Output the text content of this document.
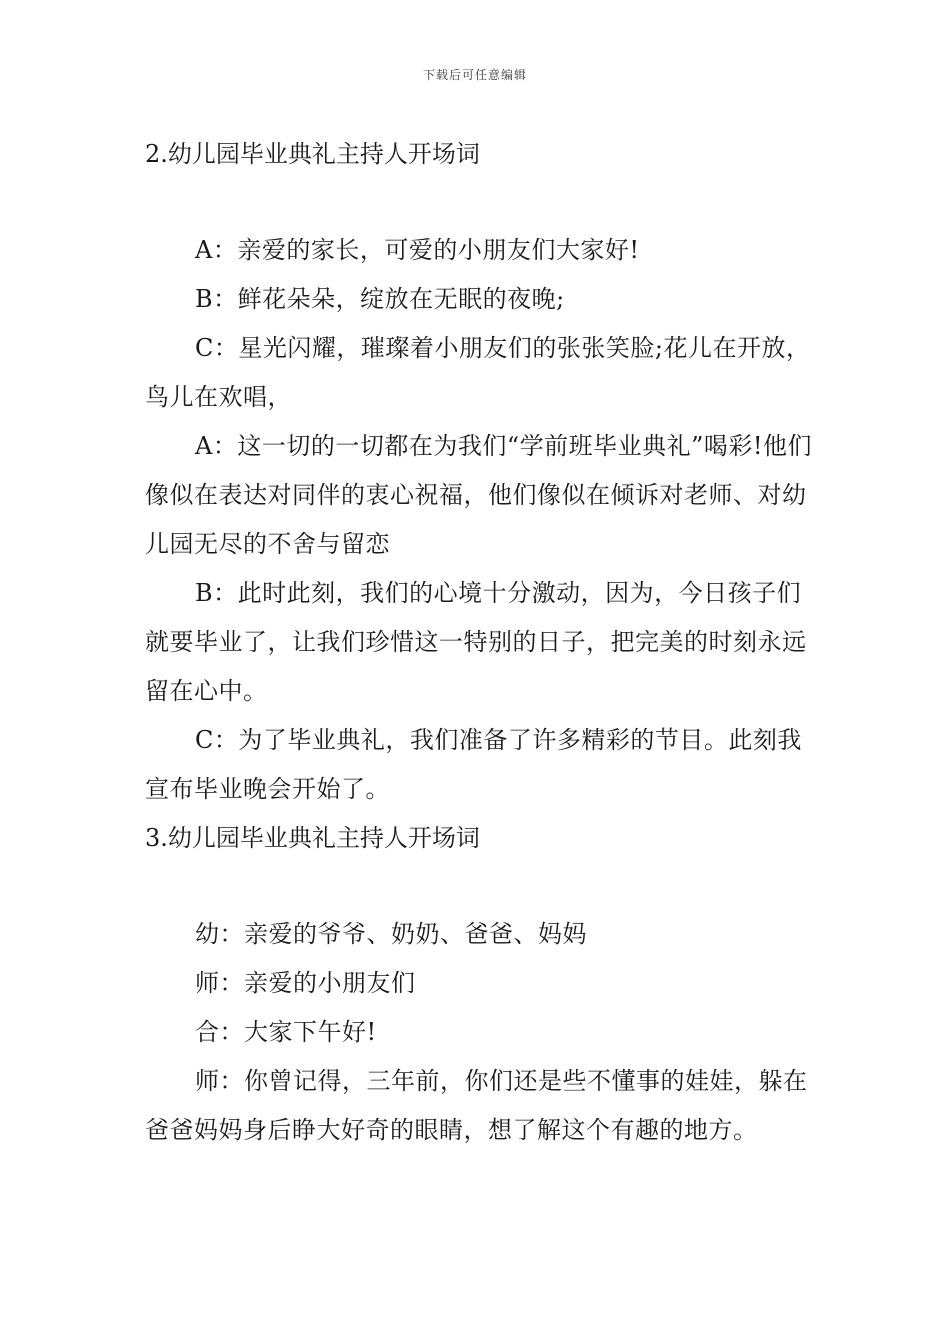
下载后可任意编辑

2.幼儿园毕业典礼主持人开场词

A：亲爱的家长，可爱的小朋友们大家好!

B：鲜花朵朵，绽放在无眠的夜晚;

C：星光闪耀，璀璨着小朋友们的张张笑脸;花儿在开放，鸟儿在欢唱，

A：这一切的一切都在为我们“学前班毕业典礼”喝彩!他们像似在表达对同伴的衷心祝福，他们像似在倾诉对老师、对幼儿园无尽的不舍与留恋

B：此时此刻，我们的心境十分激动，因为，今日孩子们就要毕业了，让我们珍惜这一特别的日子，把完美的时刻永远留在心中。

C：为了毕业典礼，我们准备了许多精彩的节目。此刻我宣布毕业晚会开始了。

3.幼儿园毕业典礼主持人开场词

幼：亲爱的爷爷、奶奶、爸爸、妈妈

师：亲爱的小朋友们

合：大家下午好!

师：你曾记得，三年前，你们还是些不懂事的娃娃，躲在爸爸妈妈身后睁大好奇的眼睛，想了解这个有趣的地方。
